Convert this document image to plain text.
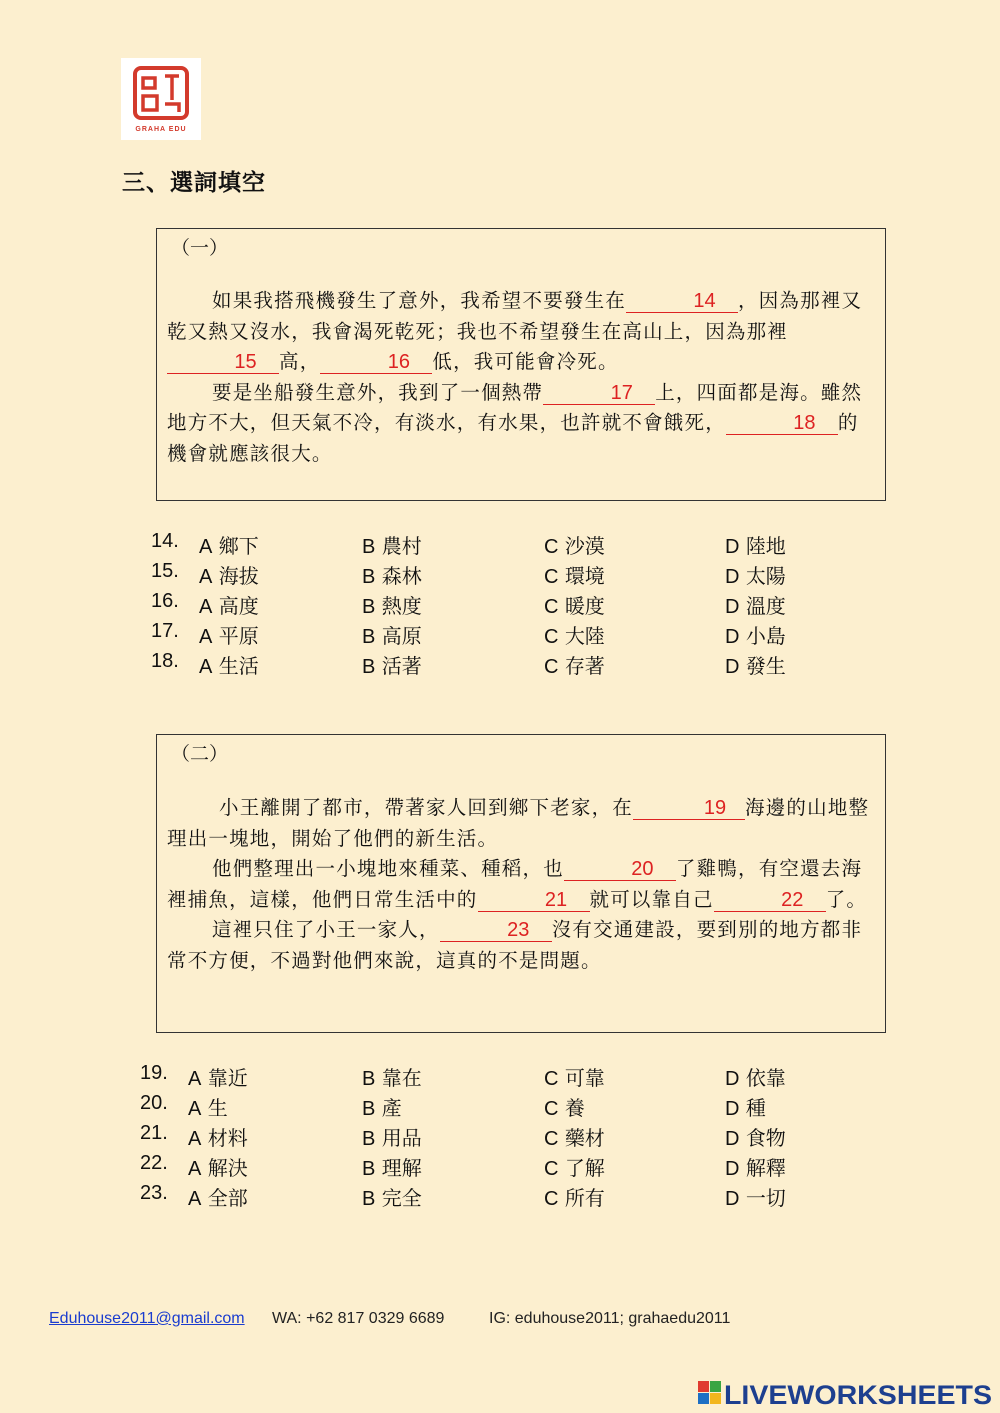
GRAHA EDU
三、選詞填空
（一）

如果我搭飛機發生了意外，我希望不要發生在	14 ，因為那裡又乾又熱又沒水，我會渴死乾死；我也不希望發生在高山上，因為那裡15 高，	16 低，我可能會冷死。

要是坐船發生意外，我到了一個熱帶	17 上，四面都是海。雖然地方不大，但天氣不冷，有淡水，有水果，也許就不會餓死，	18 的機會就應該很大。

14. A 鄉下	B 農村	C 沙漠	D 陸地
15. A 海拔	B 森林	C 環境	D 太陽
16. A 高度	B 熱度	C 暖度	D 溫度
17. A 平原	B 高原	C 大陸	D 小島
18. A 生活	B 活著	C 存著	D 發生
（二）

小王離開了都市，帶著家人回到鄉下老家，在	19 海邊的山地整理出一塊地，開始了他們的新生活。

他們整理出一小塊地來種菜、種稻，也	20 了雞鴨，有空還去海裡捕魚，這樣，他們日常生活中的	21 就可以靠自己	22 了。

這裡只住了小王一家人，	23 沒有交通建設，要到別的地方都非常不方便，不過對他們來說，這真的不是問題。

19. A 靠近	B 靠在	C 可靠	D 依靠
20. A 生	B 產	C 養	D 種
21. A 材料	B 用品	C 藥材	D 食物
22. A 解決	B 理解	C 了解	D 解釋
23. A 全部	B 完全	C 所有	D 一切
Eduhouse2011@gmail.com WA: +62 817 0329 6689	IG: eduhouse2011; grahaedu2011
LIVEWORKSHEETS
